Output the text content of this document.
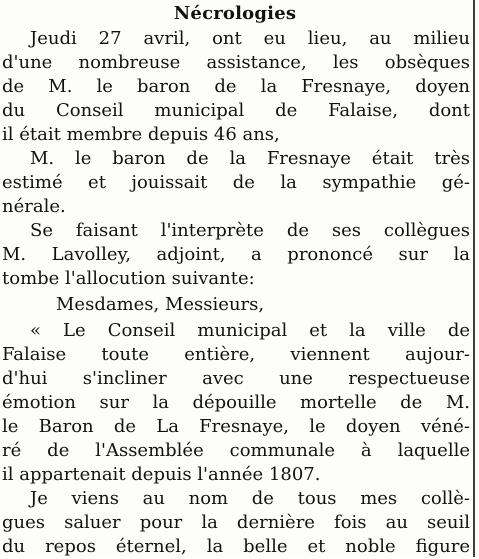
Nécrologies
Jeudi 27 avril, ont eu lieu, au milieu
d'une nombreuse assistance, les obsèques
de M. le baron de la Fresnaye, doyen
du Conseil municipal de Falaise, dont
il était membre depuis 46 ans,
M. le baron de la Fresnaye était très
estimé et jouissait de la sympathie gé-
nérale.
Se faisant l'interprète de ses collègues
M. Lavolley, adjoint, a prononcé sur la
tombe l'allocution suivante:
Mesdames, Messieurs,
« Le Conseil municipal et la ville de
Falaise toute entière, viennent aujour-
d'hui s'incliner avec une respectueuse
émotion sur la dépouille mortelle de M.
le Baron de La Fresnaye, le doyen véné-
ré de l'Assemblée communale à laquelle
il appartenait depuis l'année 1807.
Je viens au nom de tous mes collè-
gues saluer pour la dernière fois au seuil
du repos éternel, la belle et noble figure
